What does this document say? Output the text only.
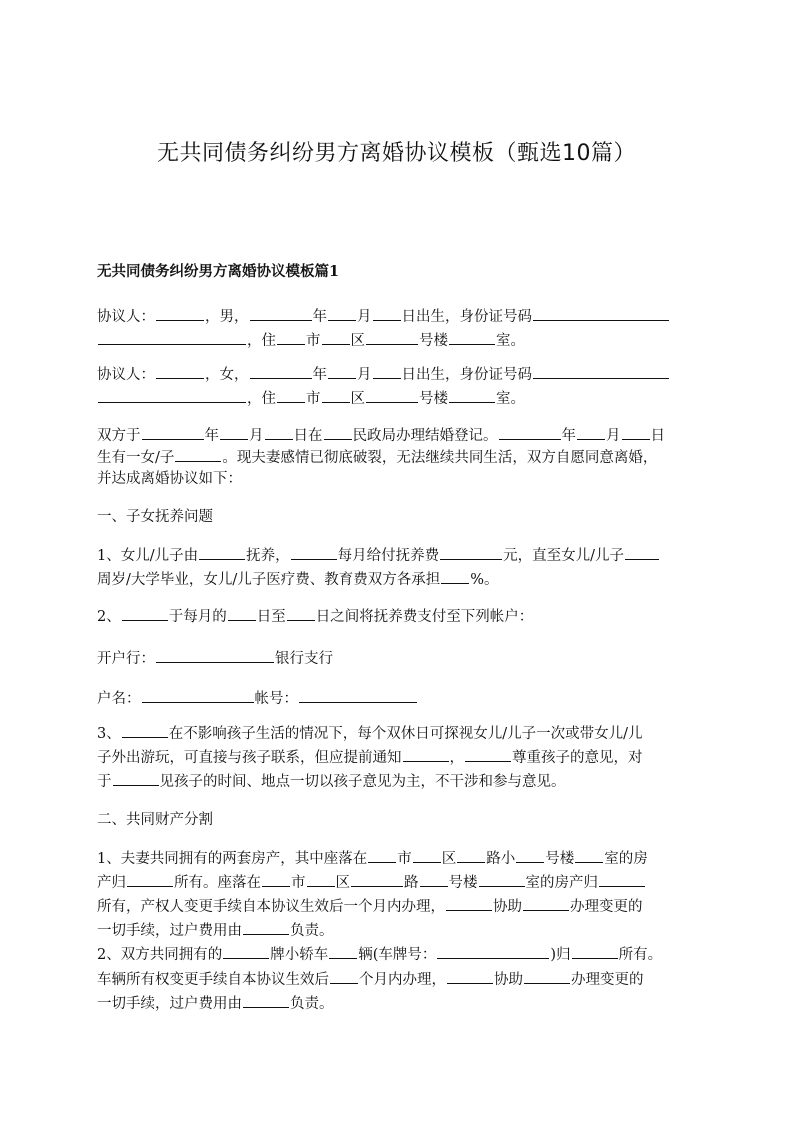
无共同债务纠纷男方离婚协议模板（甄选10篇）
无共同债务纠纷男方离婚协议模板篇1
协议人：	，男，	年 月 日出生，身份证号码
，住 市 区	号楼	室。
协议人：	，女，	年 月 日出生，身份证号码
，住 市 区	号楼	室。
双方于	年 月 日在 民政局办理结婚登记。	年 月 日
生有一女/子	。现夫妻感情已彻底破裂，无法继续共同生活，双方自愿同意离婚，
并达成离婚协议如下：
一、子女抚养问题
1、女儿/儿子由	抚养，	每月给付抚养费	元，直至女儿/儿子
周岁/大学毕业，女儿/儿子医疗费、教育费双方各承担 %。
2、	于每月的 日至 日之间将抚养费支付至下列帐户：
开户行：	银行支行
户名：	帐号：
3、	在不影响孩子生活的情况下，每个双休日可探视女儿/儿子一次或带女儿/儿
子外出游玩，可直接与孩子联系，但应提前通知	，	尊重孩子的意见，对
于	见孩子的时间、地点一切以孩子意见为主，不干涉和参与意见。
二、共同财产分割
1、夫妻共同拥有的两套房产，其中座落在 市 区 路小 号楼 室的房
产归	所有。座落在 市 区	路 号楼	室的房产归
所有，产权人变更手续自本协议生效后一个月内办理，	协助	办理变更的
一切手续，过户费用由	负责。
2、双方共同拥有的	牌小轿车 辆(车牌号：	)归	所有。
车辆所有权变更手续自本协议生效后 个月内办理，	协助	办理变更的
一切手续，过户费用由	负责。
